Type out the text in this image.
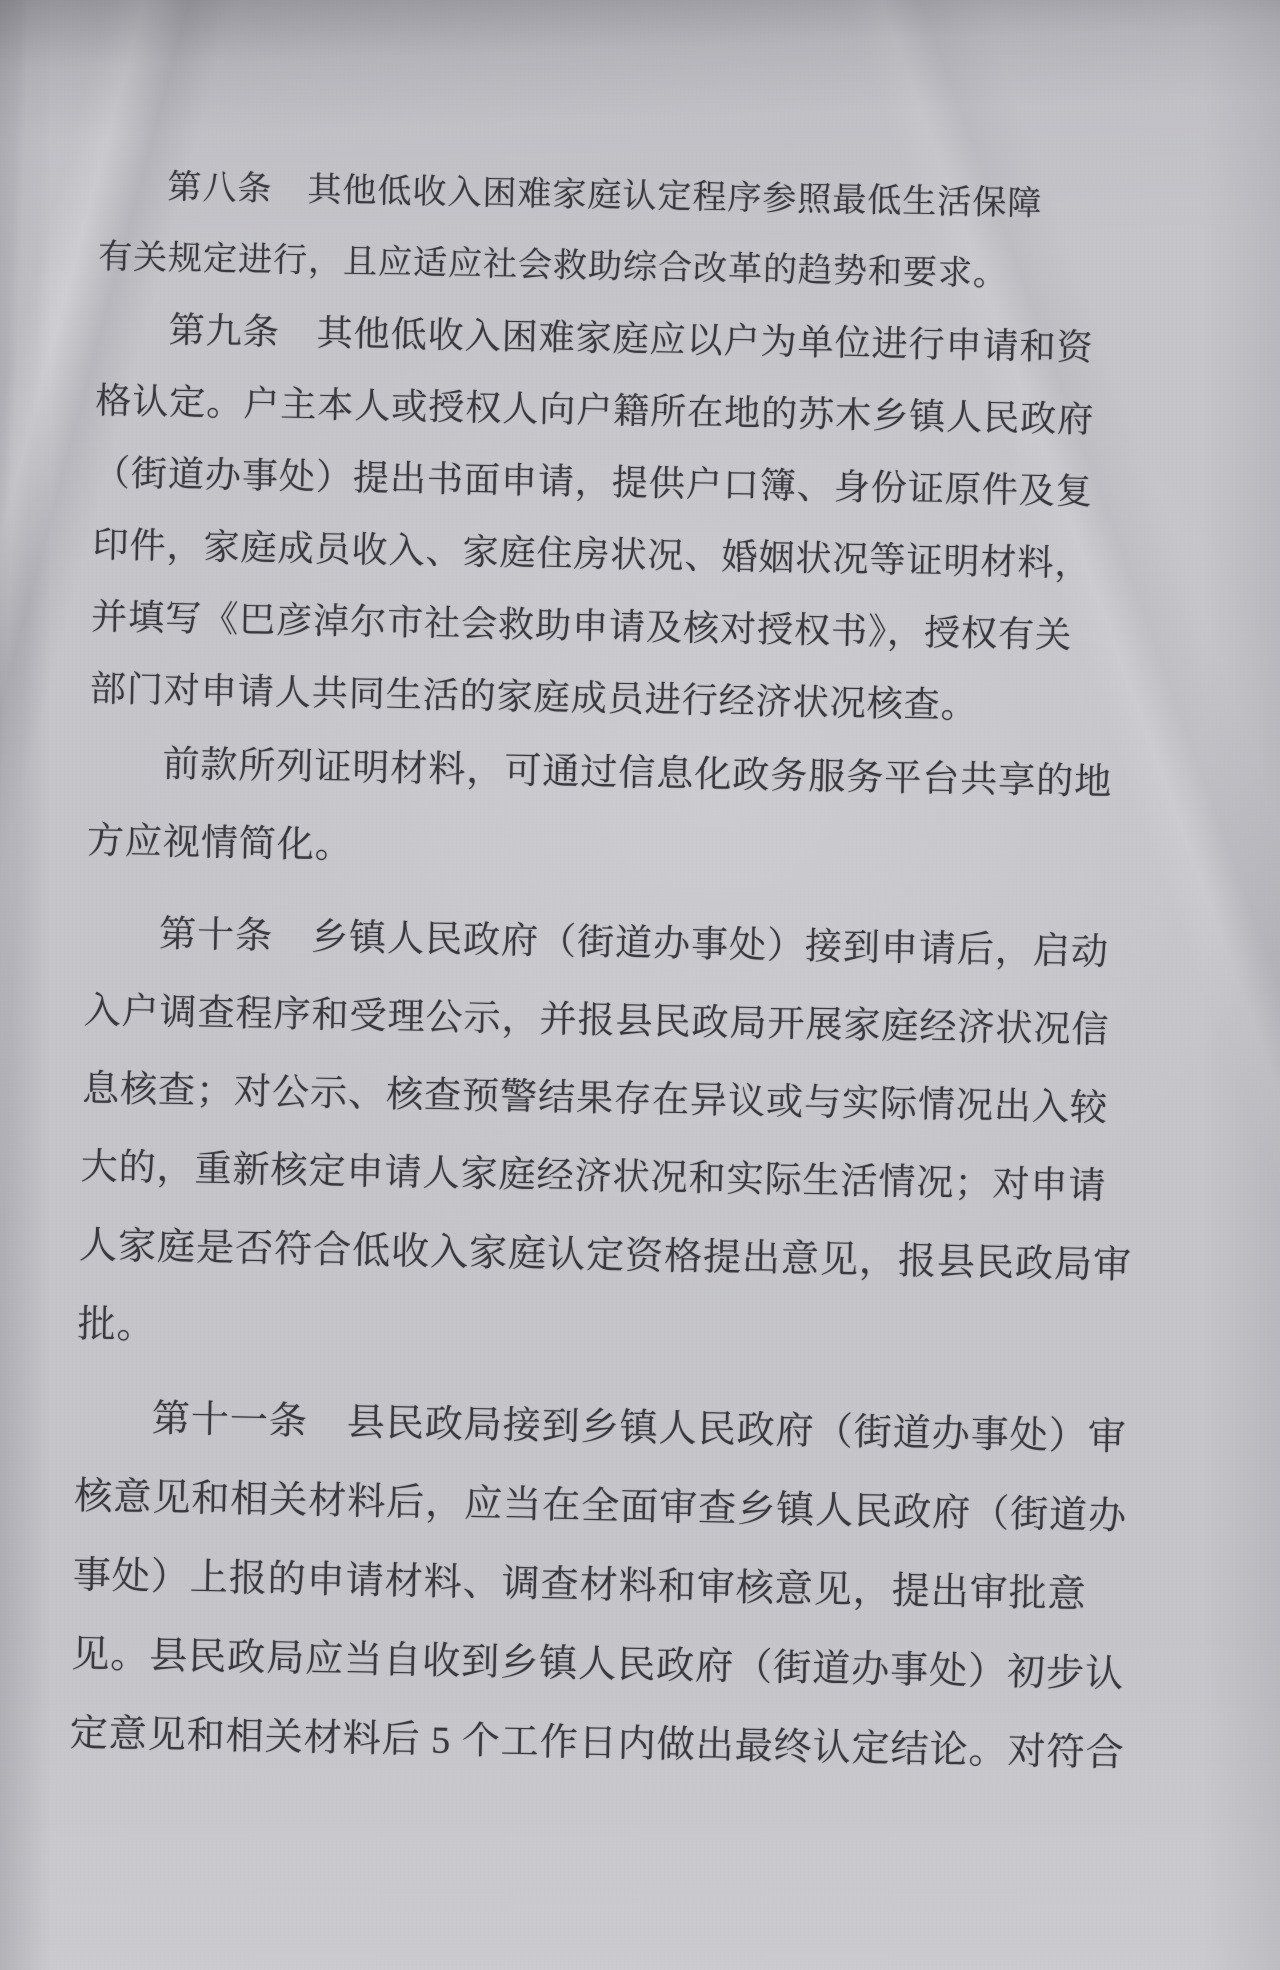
第八条　其他低收入困难家庭认定程序参照最低生活保障
有关规定进行，且应适应社会救助综合改革的趋势和要求。
第九条　其他低收入困难家庭应以户为单位进行申请和资
格认定。户主本人或授权人向户籍所在地的苏木乡镇人民政府
（街道办事处）提出书面申请，提供户口簿、身份证原件及复
印件，家庭成员收入、家庭住房状况、婚姻状况等证明材料，
并填写《巴彦淖尔市社会救助申请及核对授权书》，授权有关
部门对申请人共同生活的家庭成员进行经济状况核查。
前款所列证明材料，可通过信息化政务服务平台共享的地
方应视情简化。
第十条　乡镇人民政府（街道办事处）接到申请后，启动
入户调查程序和受理公示，并报县民政局开展家庭经济状况信
息核查；对公示、核查预警结果存在异议或与实际情况出入较
大的，重新核定申请人家庭经济状况和实际生活情况；对申请
人家庭是否符合低收入家庭认定资格提出意见，报县民政局审
批。
第十一条　县民政局接到乡镇人民政府（街道办事处）审
核意见和相关材料后，应当在全面审查乡镇人民政府（街道办
事处）上报的申请材料、调查材料和审核意见，提出审批意
见。县民政局应当自收到乡镇人民政府（街道办事处）初步认
定意见和相关材料后 5 个工作日内做出最终认定结论。对符合
